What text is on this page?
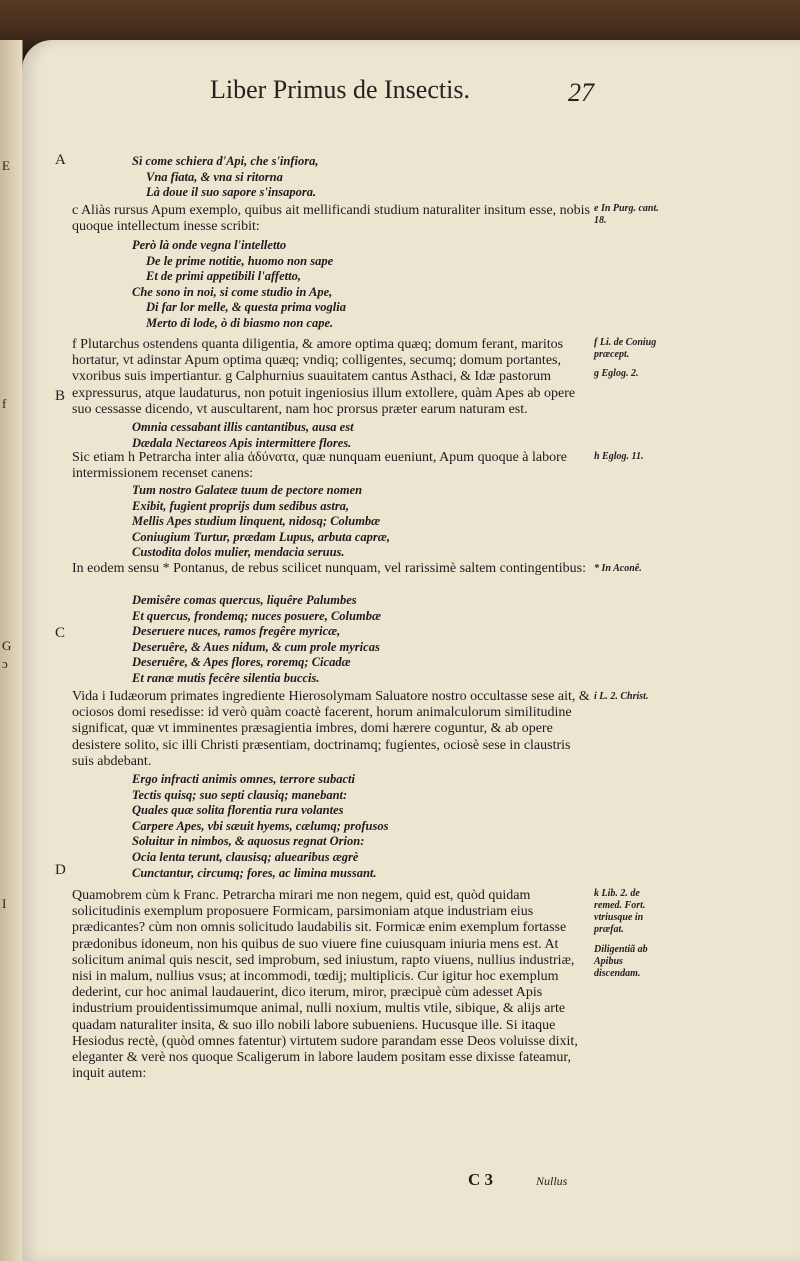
E
f
G
ɔ
I
Liber Primus de Insectis.	27
A
B
C
D
Sì come schiera d'Api, che s'infiora,
Vna fiata, & vna si ritorna
Là doue il suo sapore s'insapora.

c Aliàs rursus Apum exemplo, quibus ait mellificandi studium naturaliter insitum esse, nobis quoque intellectum inesse scribit:

Però là onde vegna l'intelletto
De le prime notitie, huomo non sape
Et de primi appetibili l'affetto,
Che sono in noi, si come studio in Ape,
Di far lor melle, & questa prima voglia
Merto di lode, ò di biasmo non cape.

f Plutarchus ostendens quanta diligentia, & amore optima quæq; domum ferant, maritos hortatur, vt adinstar Apum optima quæq; vndiq; colligentes, secumq; domum portantes, vxoribus suis impertiantur. g Calphurnius suauitatem cantus Asthaci, & Idæ pastorum expressurus, atque laudaturus, non potuit ingeniosius illum extollere, quàm Apes ab opere suo cessasse dicendo, vt auscultarent, nam hoc prorsus præter earum naturam est.

Omnia cessabant illis cantantibus, ausa est
Dædala Nectareos Apis intermittere flores.

Sic etiam h Petrarcha inter alia ἀδύνατα, quæ nunquam eueniunt, Apum quoque à labore intermissionem recenset canens:

Tum nostro Galateæ tuum de pectore nomen
Exibit, fugient proprijs dum sedibus astra,
Mellis Apes studium linquent, nidosq; Columbæ
Coniugium Turtur, prædam Lupus, arbuta capræ,
Custodita dolos mulier, mendacia seruus.

In eodem sensu * Pontanus, de rebus scilicet nunquam, vel rarissimè saltem contingentibus:

Demisêre comas quercus, liquêre Palumbes
Et quercus, frondemq; nuces posuere, Columbæ
Deseruere nuces, ramos fregêre myricæ,
Deseruêre, & Aues nidum, & cum prole myricas
Deseruêre, & Apes flores, roremq; Cicadæ
Et ranæ mutis fecêre silentia buccis.

Vida i Iudæorum primates ingrediente Hierosolymam Saluatore nostro occultasse sese ait, & ociosos domi resedisse: id verò quàm coactè facerent, horum animalculorum similitudine significat, quæ vt imminentes præsagientia imbres, domi hærere coguntur, & ab opere desistere solito, sic illi Christi præsentiam, doctrinamq; fugientes, ociosè sese in claustris suis abdebant.

Ergo infracti animis omnes, terrore subacti
Tectis quisq; suo septi clausiq; manebant:
Quales quæ solita florentia rura volantes
Carpere Apes, vbi sæuit hyems, cælumq; profusos
Soluitur in nimbos, & aquosus regnat Orion:
Ocia lenta terunt, clausisq; aluearibus ægrè
Cunctantur, circumq; fores, ac limina mussant.

Quamobrem cùm k Franc. Petrarcha mirari me non negem, quid est, quòd quidam solicitudinis exemplum proposuere Formicam, parsimoniam atque industriam eius prædicantes? cùm non omnis solicitudo laudabilis sit. Formicæ enim exemplum fortasse prædonibus idoneum, non his quibus de suo viuere fine cuiusquam iniuria mens est. At solicitum animal quis nescit, sed improbum, sed iniustum, rapto viuens, nullius industriæ, nisi in malum, nullius vsus; at incommodi, tœdij; multiplicis. Cur igitur hoc exemplum dederint, cur hoc animal laudauerint, dico iterum, miror, præcipuè cùm adesset Apis industrium prouidentissimumque animal, nulli noxium, multis vtile, sibique, & alijs arte quadam naturaliter insita, & suo illo nobili labore subueniens. Hucusque ille. Si itaque Hesiodus rectè, (quòd omnes fatentur) virtutem sudore parandam esse Deos voluisse dixit, eleganter & verè nos quoque Scaligerum in labore laudem positam esse dixisse fateamur, inquit autem:

e In Purg. cant. 18.
f Li. de Coniug præcept.
g Eglog. 2.
h Eglog. 11.
* In Aconê.
i L. 2. Christ.
k Lib. 2. de remed. Fort. vtriusque in præfat.
Diligentiã ab Apibus discendam.
C 3	Nullus
